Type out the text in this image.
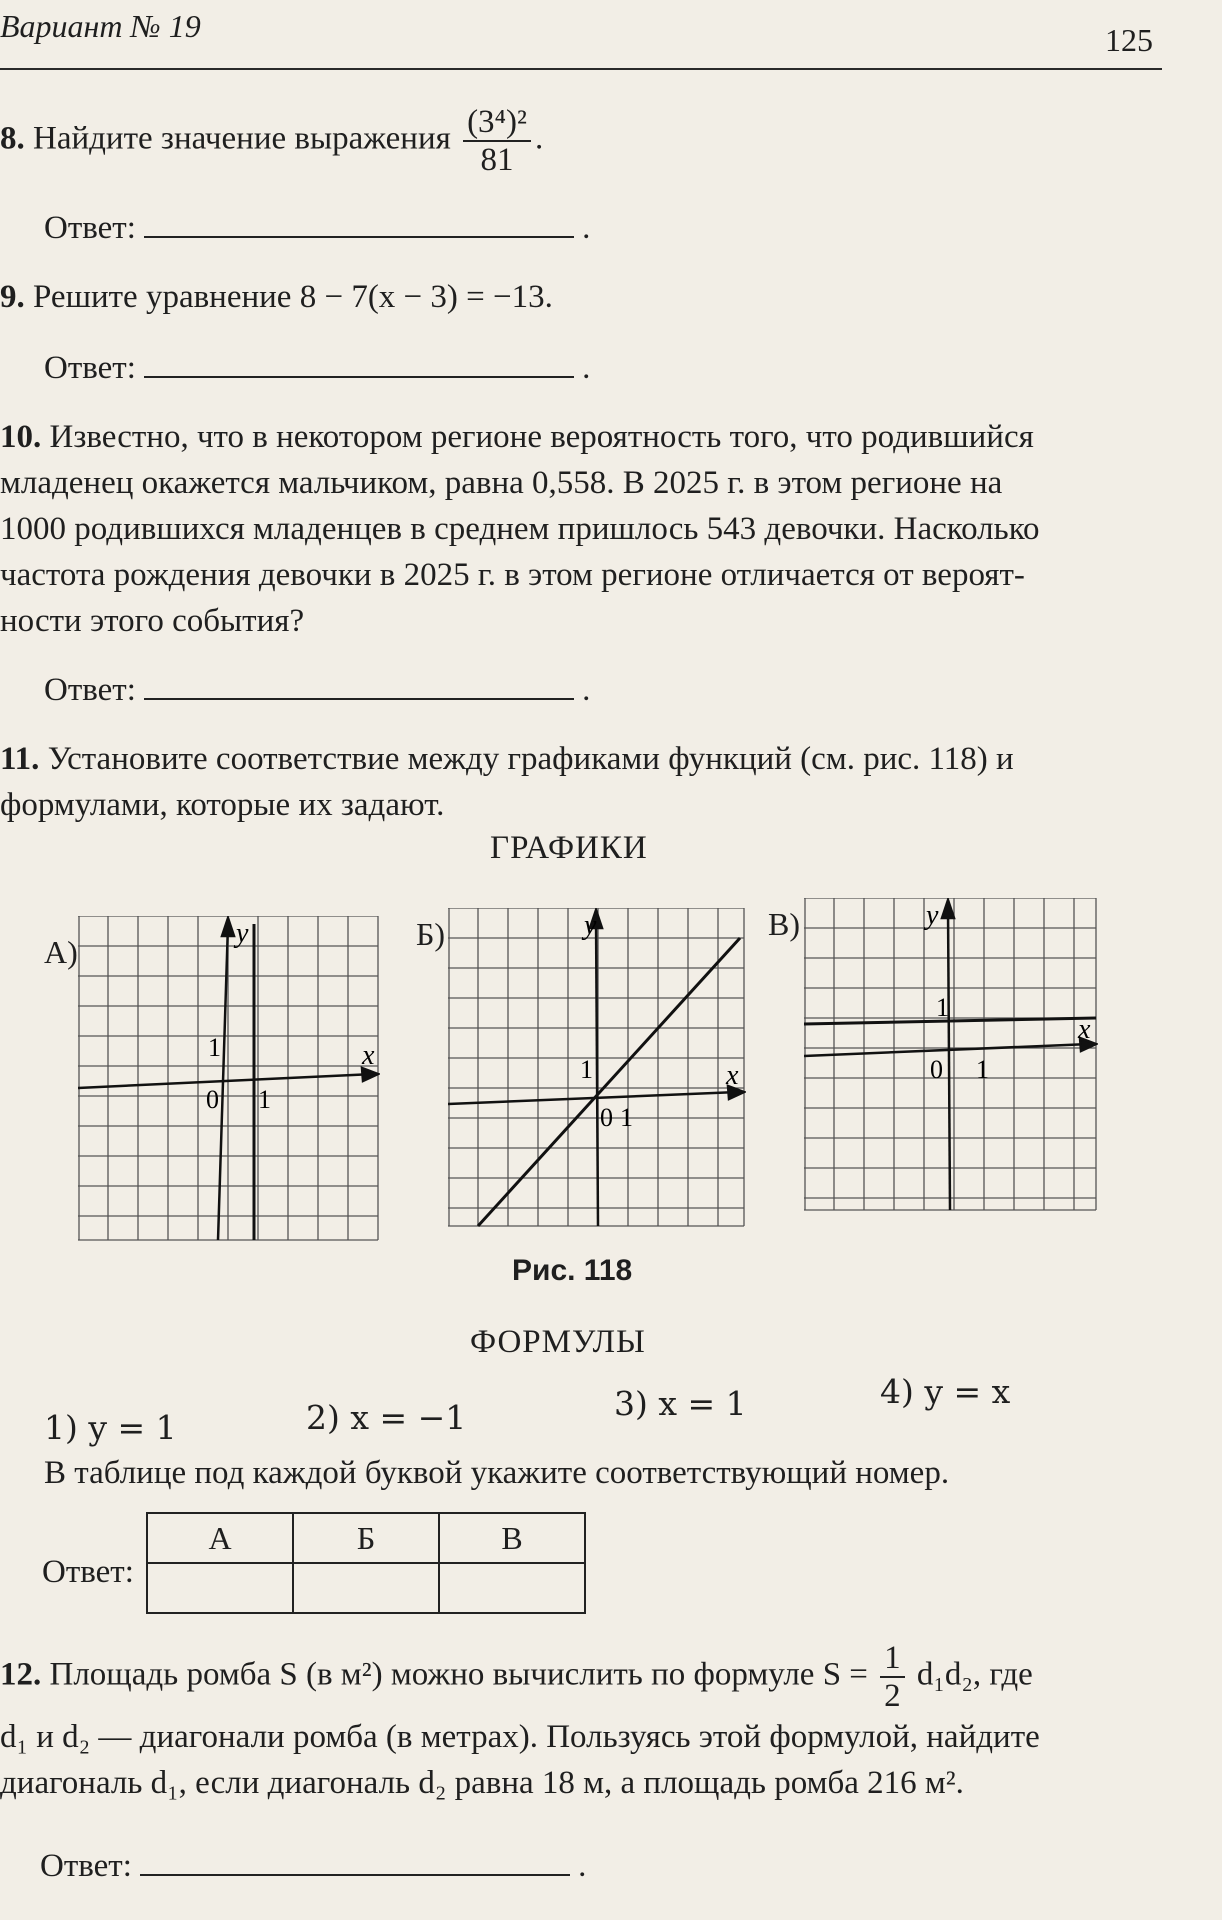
Вариант № 19	125
8. Найдите значение выражения $\frac{\text{(3⁴)²}}{81}$ .
Ответ:	.
9. Решите уравнение 8 − 7(x − 3) = −13.
Ответ:	.
10. Известно, что в некотором регионе вероятность того, что родившийся
младенец окажется мальчиком, равна 0,558. В 2025 г. в этом регионе на
1000 родившихся младенцев в среднем пришлось 543 девочки. Насколько
частота рождения девочки в 2025 г. в этом регионе отличается от вероят-
ности этого события?
Ответ:	.
11. Установите соответствие между графиками функций (см. рис. 118) и
формулами, которые их задают.
ГРАФИКИ
А)
y
x
1
0 1
Б)	y
x
1
0 1
В)	y
x
1
0 1
Рис. 118
ФОРМУЛЫ
1) y = 1	2) x = −1	3) x = 1	4) y = x
В таблице под каждой буквой укажите соответствующий номер.
Ответ:
А	Б	В

12. Площадь ромба S (в м²) можно вычислить по формуле $S = \frac{1}{2} d_1d_2$, где
d₁ и d₂ — диагонали ромба (в метрах). Пользуясь этой формулой, найдите
диагональ d₁, если диагональ d₂ равна 18 м, а площадь ромба 216 м².
Ответ:	.
